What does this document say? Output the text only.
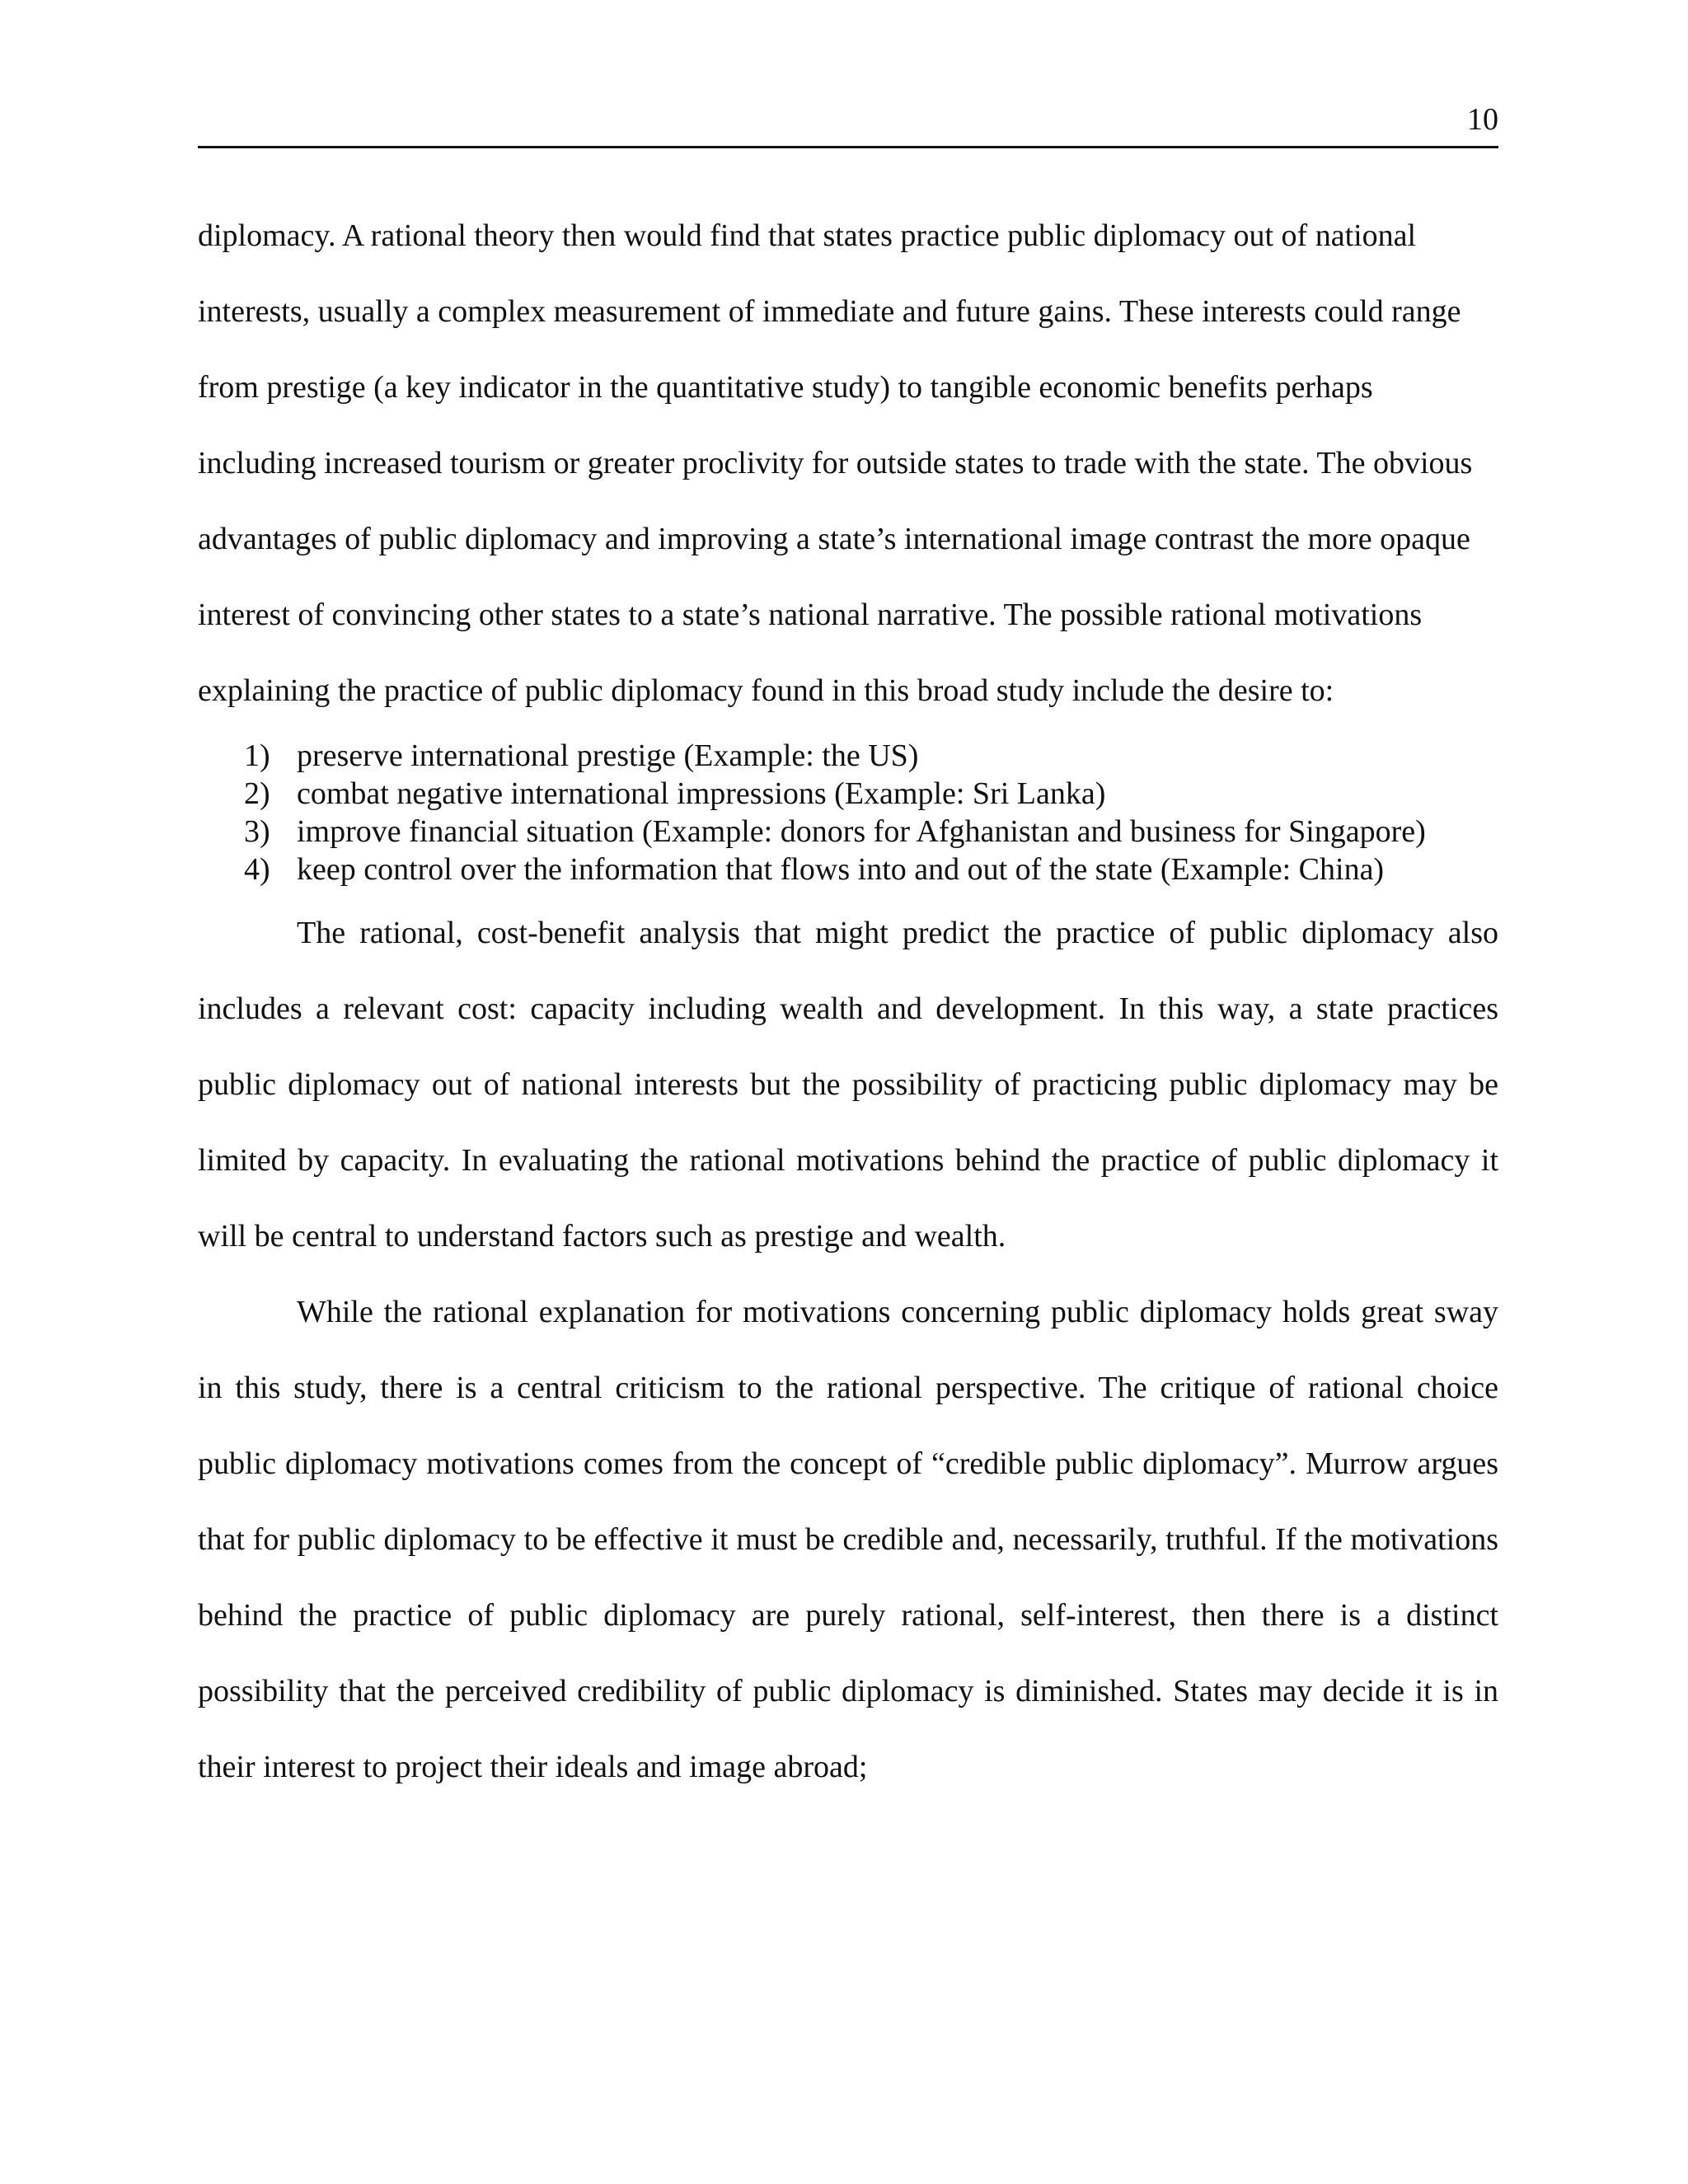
10

diplomacy. A rational theory then would find that states practice public diplomacy out of national interests, usually a complex measurement of immediate and future gains. These interests could range from prestige (a key indicator in the quantitative study) to tangible economic benefits perhaps including increased tourism or greater proclivity for outside states to trade with the state. The obvious advantages of public diplomacy and improving a state’s international image contrast the more opaque interest of convincing other states to a state’s national narrative. The possible rational motivations explaining the practice of public diplomacy found in this broad study include the desire to:

1) preserve international prestige (Example: the US)
2) combat negative international impressions (Example: Sri Lanka)
3) improve financial situation (Example: donors for Afghanistan and business for Singapore)
4) keep control over the information that flows into and out of the state (Example: China)

The rational, cost-benefit analysis that might predict the practice of public diplomacy also includes a relevant cost: capacity including wealth and development. In this way, a state practices public diplomacy out of national interests but the possibility of practicing public diplomacy may be limited by capacity. In evaluating the rational motivations behind the practice of public diplomacy it will be central to understand factors such as prestige and wealth.

While the rational explanation for motivations concerning public diplomacy holds great sway in this study, there is a central criticism to the rational perspective. The critique of rational choice public diplomacy motivations comes from the concept of “credible public diplomacy”. Murrow argues that for public diplomacy to be effective it must be credible and, necessarily, truthful. If the motivations behind the practice of public diplomacy are purely rational, self-interest, then there is a distinct possibility that the perceived credibility of public diplomacy is diminished. States may decide it is in their interest to project their ideals and image abroad;
